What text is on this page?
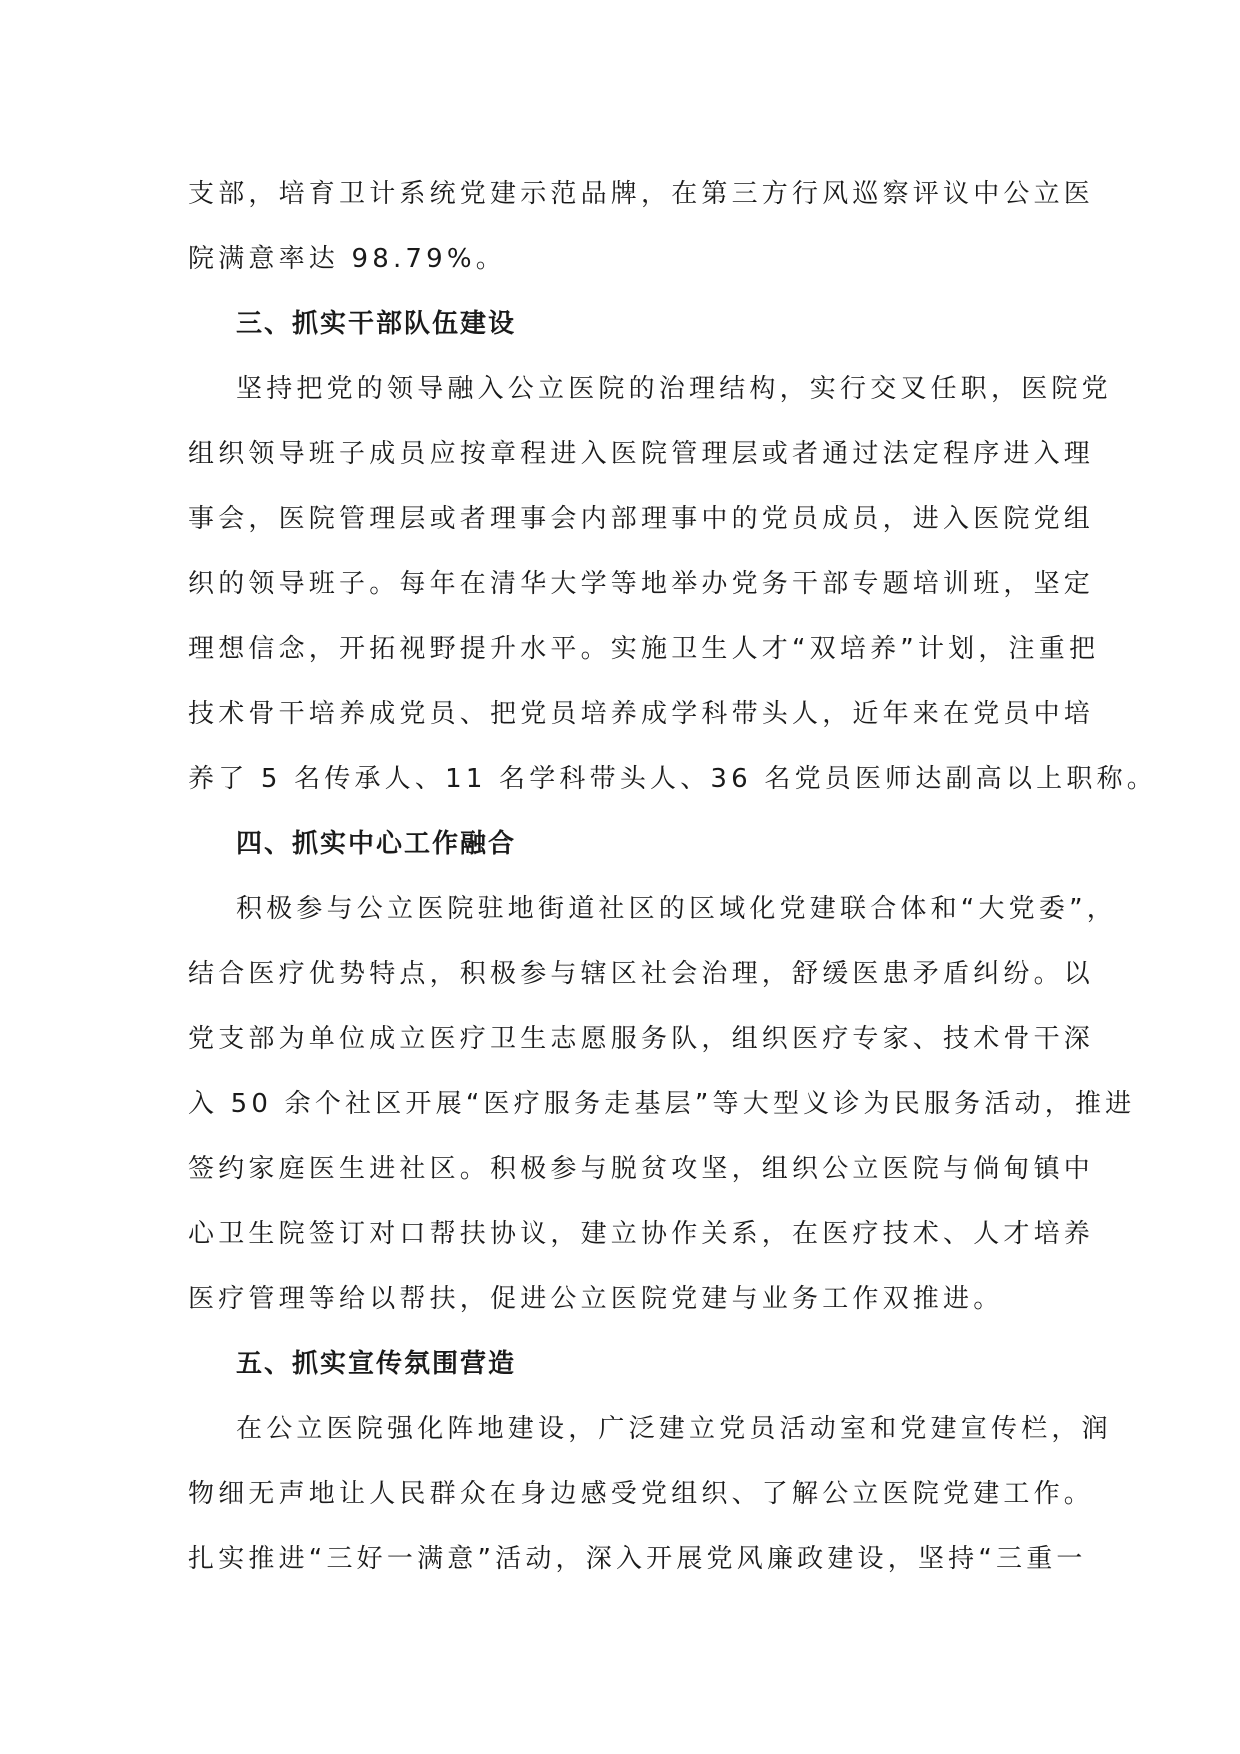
支部，培育卫计系统党建示范品牌，在第三方行风巡察评议中公立医
院满意率达 98.79%。
三、抓实干部队伍建设
坚持把党的领导融入公立医院的治理结构，实行交叉任职，医院党
组织领导班子成员应按章程进入医院管理层或者通过法定程序进入理
事会，医院管理层或者理事会内部理事中的党员成员，进入医院党组
织的领导班子。每年在清华大学等地举办党务干部专题培训班，坚定
理想信念，开拓视野提升水平。实施卫生人才“双培养”计划，注重把
技术骨干培养成党员、把党员培养成学科带头人，近年来在党员中培
养了 5 名传承人、11 名学科带头人、36 名党员医师达副高以上职称。
四、抓实中心工作融合
积极参与公立医院驻地街道社区的区域化党建联合体和“大党委”，
结合医疗优势特点，积极参与辖区社会治理，舒缓医患矛盾纠纷。以
党支部为单位成立医疗卫生志愿服务队，组织医疗专家、技术骨干深
入 50 余个社区开展“医疗服务走基层”等大型义诊为民服务活动，推进
签约家庭医生进社区。积极参与脱贫攻坚，组织公立医院与倘甸镇中
心卫生院签订对口帮扶协议，建立协作关系，在医疗技术、人才培养
医疗管理等给以帮扶，促进公立医院党建与业务工作双推进。
五、抓实宣传氛围营造
在公立医院强化阵地建设，广泛建立党员活动室和党建宣传栏，润
物细无声地让人民群众在身边感受党组织、了解公立医院党建工作。
扎实推进“三好一满意”活动，深入开展党风廉政建设，坚持“三重一
